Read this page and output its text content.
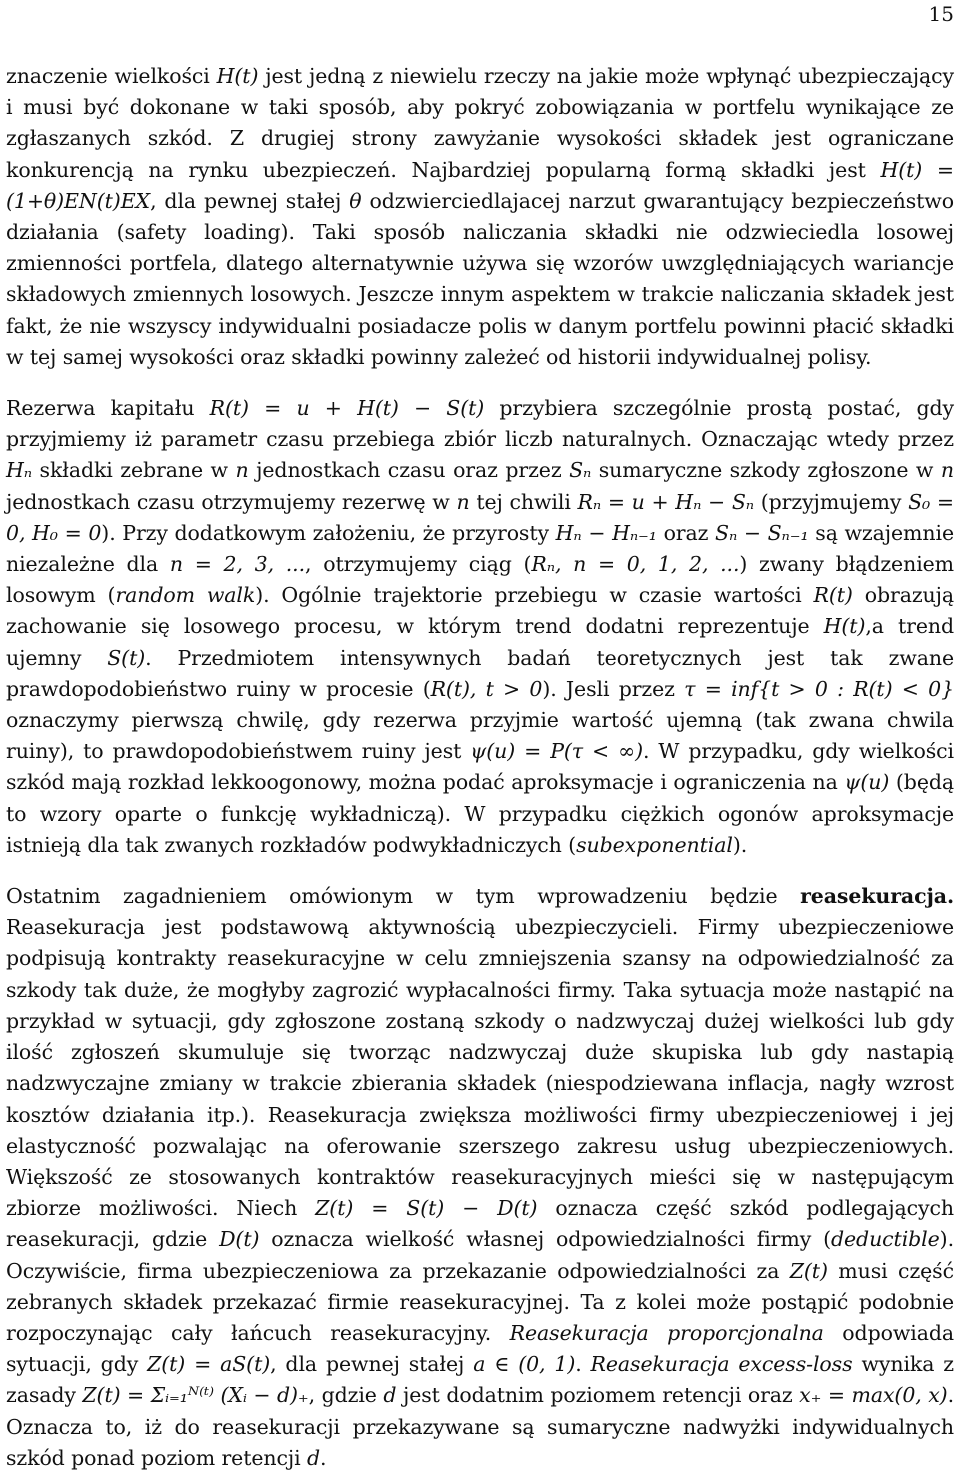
15

znaczenie wielkości H(t) jest jedną z niewielu rzeczy na jakie może wpłynąć ubezpieczający i musi być dokonane w taki sposób, aby pokryć zobowiązania w portfelu wynikające ze zgłaszanych szkód. Z drugiej strony zawyżanie wysokości składek jest ograniczane konkurencją na rynku ubezpieczeń. Najbardziej popularną formą składki jest H(t) = (1+θ)EN(t)EX, dla pewnej stałej θ odzwierciedlajacej narzut gwarantujący bezpieczeństwo działania (safety loading). Taki sposób naliczania składki nie odzwieciedla losowej zmienności portfela, dlatego alternatywnie używa się wzorów uwzględniających wariancje składowych zmiennych losowych. Jeszcze innym aspektem w trakcie naliczania składek jest fakt, że nie wszyscy indywidualni posiadacze polis w danym portfelu powinni płacić składki w tej samej wysokości oraz składki powinny zależeć od historii indywidualnej polisy.

Rezerwa kapitału R(t) = u + H(t) − S(t) przybiera szczególnie prostą postać, gdy przyjmiemy iż parametr czasu przebiega zbiór liczb naturalnych. Oznaczając wtedy przez Hₙ składki zebrane w n jednostkach czasu oraz przez Sₙ sumaryczne szkody zgłoszone w n jednostkach czasu otrzymujemy rezerwę w n tej chwili Rₙ = u + Hₙ − Sₙ (przyjmujemy S₀ = 0, H₀ = 0). Przy dodatkowym założeniu, że przyrosty Hₙ − Hₙ₋₁ oraz Sₙ − Sₙ₋₁ są wzajemnie niezależne dla n = 2, 3, ..., otrzymujemy ciąg (Rₙ, n = 0, 1, 2, ...) zwany błądzeniem losowym (random walk). Ogólnie trajektorie przebiegu w czasie wartości R(t) obrazują zachowanie się losowego procesu, w którym trend dodatni reprezentuje H(t),a trend ujemny S(t). Przedmiotem intensywnych badań teoretycznych jest tak zwane prawdopodobieństwo ruiny w procesie (R(t), t > 0). Jesli przez τ = inf{t > 0 : R(t) < 0} oznaczymy pierwszą chwilę, gdy rezerwa przyjmie wartość ujemną (tak zwana chwila ruiny), to prawdopodobieństwem ruiny jest ψ(u) = P(τ < ∞). W przypadku, gdy wielkości szkód mają rozkład lekkoogonowy, można podać aproksymacje i ograniczenia na ψ(u) (będą to wzory oparte o funkcję wykładniczą). W przypadku ciężkich ogonów aproksymacje istnieją dla tak zwanych rozkładów podwykładniczych (subexponential).

Ostatnim zagadnieniem omówionym w tym wprowadzeniu będzie reasekuracja. Reasekuracja jest podstawową aktywnością ubezpieczycieli. Firmy ubezpieczeniowe podpisują kontrakty reasekuracyjne w celu zmniejszenia szansy na odpowiedzialność za szkody tak duże, że mogłyby zagrozić wypłacalności firmy. Taka sytuacja może nastąpić na przykład w sytuacji, gdy zgłoszone zostaną szkody o nadzwyczaj dużej wielkości lub gdy ilość zgłoszeń skumuluje się tworząc nadzwyczaj duże skupiska lub gdy nastapią nadzwyczajne zmiany w trakcie zbierania składek (niespodziewana inflacja, nagły wzrost kosztów działania itp.). Reasekuracja zwiększa możliwości firmy ubezpieczeniowej i jej elastyczność pozwalając na oferowanie szerszego zakresu usług ubezpieczeniowych. Większość ze stosowanych kontraktów reasekuracyjnych mieści się w następującym zbiorze możliwości. Niech Z(t) = S(t) − D(t) oznacza część szkód podlegających reasekuracji, gdzie D(t) oznacza wielkość własnej odpowiedzialności firmy (deductible). Oczywiście, firma ubezpieczeniowa za przekazanie odpowiedzialności za Z(t) musi część zebranych składek przekazać firmie reasekuracyjnej. Ta z kolei może postąpić podobnie rozpoczynając cały łańcuch reasekuracyjny. Reasekuracja proporcjonalna odpowiada sytuacji, gdy Z(t) = aS(t), dla pewnej stałej a ∈ (0, 1). Reasekuracja excess-loss wynika z zasady Z(t) = Σᵢ₌₁ᴺ⁽ᵗ⁾ (Xᵢ − d)₊, gdzie d jest dodatnim poziomem retencji oraz x₊ = max(0, x). Oznacza to, iż do reasekuracji przekazywane są sumaryczne nadwyżki indywidualnych szkód ponad poziom retencji d.
